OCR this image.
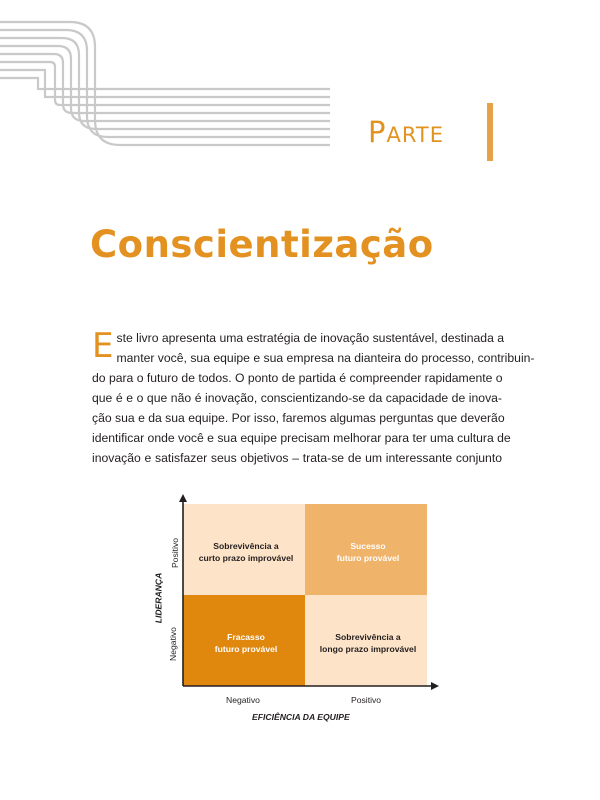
PARTE
Conscientização
E ste livro apresenta uma estratégia de inovação sustentável, destinada a
manter você, sua equipe e sua empresa na dianteira do processo, contribuin-
do para o futuro de todos. O ponto de partida é compreender rapidamente o
que é e o que não é inovação, conscientizando-se da capacidade de inova-
ção sua e da sua equipe. Por isso, faremos algumas perguntas que deverão
identificar onde você e sua equipe precisam melhorar para ter uma cultura de
inovação e satisfazer seus objetivos – trata-se de um interessante conjunto
Sobrevivência a
curto prazo improvável
Sucesso
futuro provável
Fracasso
futuro provável
Sobrevivência a
longo prazo improvável
Negativo	Positivo
Positivo
Negativo
LIDERANÇA
EFICIÊNCIA DA EQUIPE
